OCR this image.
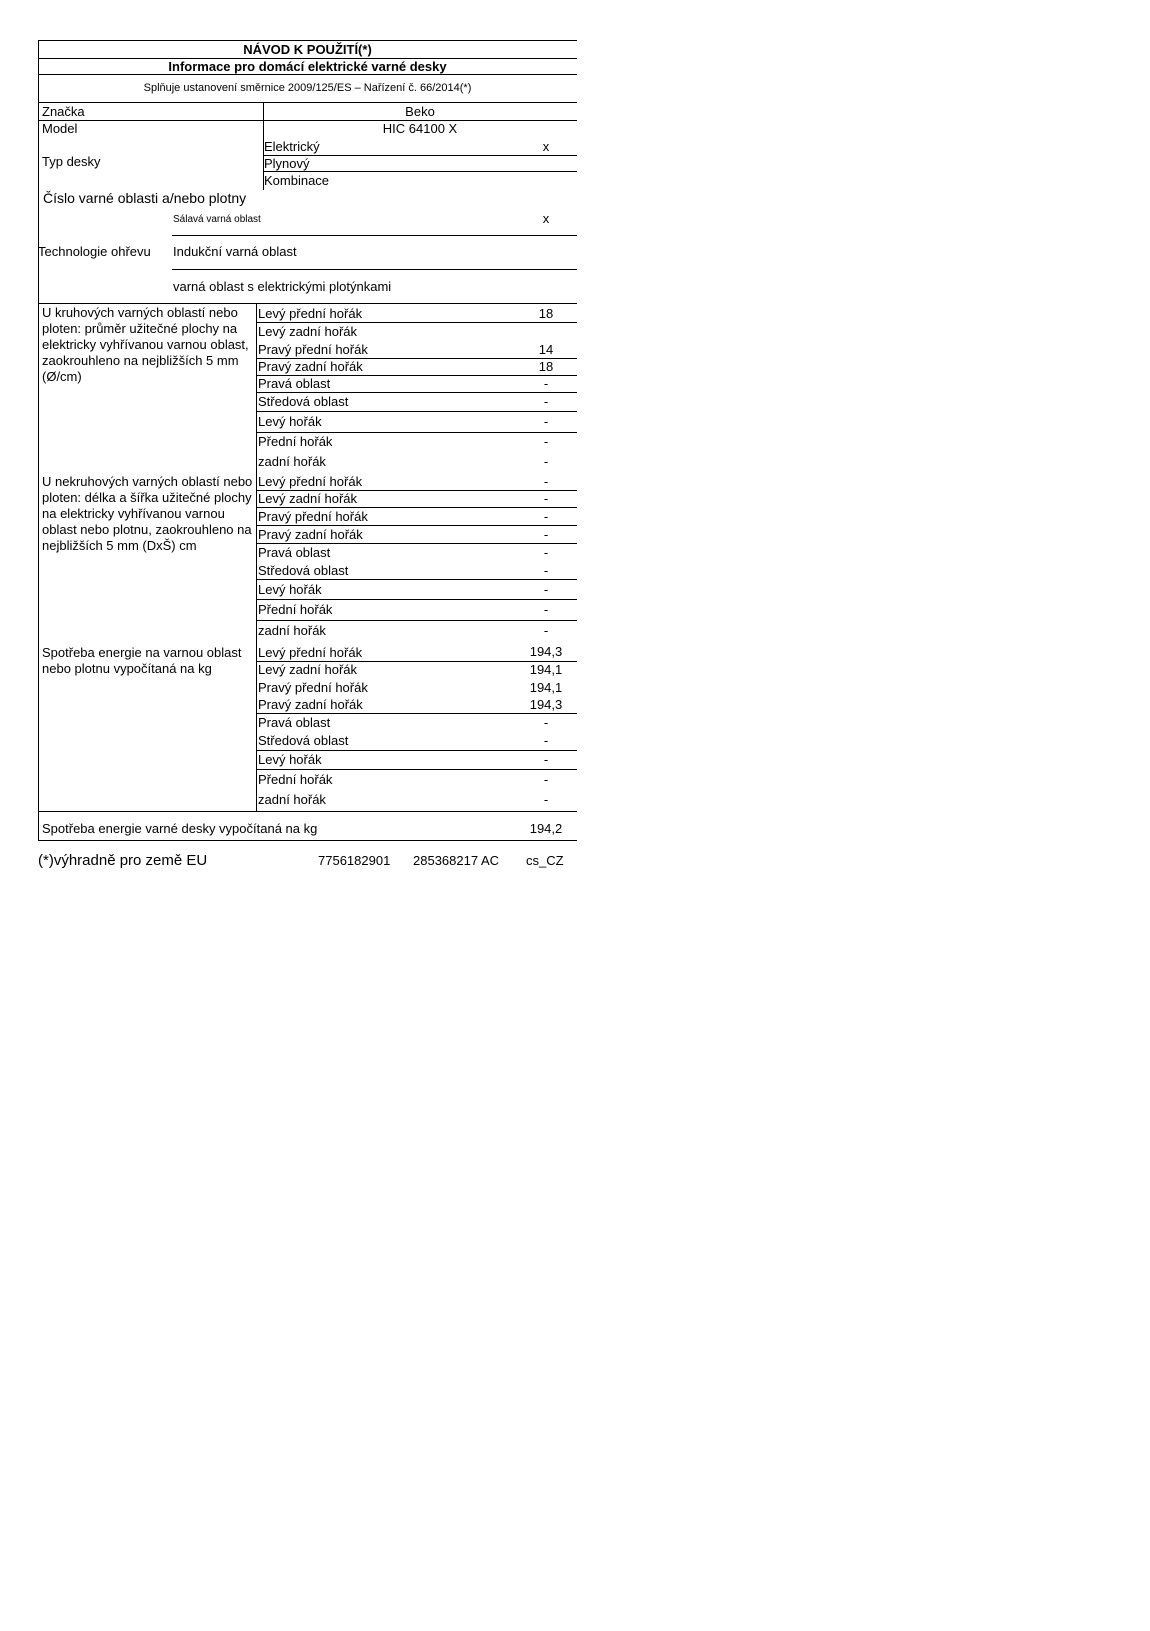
NÁVOD K POUŽITÍ(*)
Informace pro domácí elektrické varné desky
Splňuje ustanovení směrnice 2009/125/ES – Nařízení č. 66/2014(*)
Značka	Beko
Model	HIC 64100 X
Typ desky
Elektrický	x
Plynový
Kombinace
Číslo varné oblasti a/nebo plotny
Sálavá varná oblast	x
Technologie ohřevu Indukční varná oblast
varná oblast s elektrickými plotýnkami
U kruhových varných oblastí nebo ploten: průměr užitečné plochy na elektricky vyhřívanou varnou oblast, zaokrouhleno na nejbližších 5 mm (Ø/cm)
Levý přední hořák	18
Levý zadní hořák
Pravý přední hořák	14
Pravý zadní hořák	18
Pravá oblast	-
Středová oblast	-
Levý hořák	-
Přední hořák	-
zadní hořák	-
U nekruhových varných oblastí nebo ploten: délka a šířka užitečné plochy na elektricky vyhřívanou varnou oblast nebo plotnu, zaokrouhleno na nejbližších 5 mm (DxŠ) cm
Levý přední hořák	-
Levý zadní hořák	-
Pravý přední hořák	-
Pravý zadní hořák	-
Pravá oblast	-
Středová oblast	-
Levý hořák	-
Přední hořák	-
zadní hořák	-
Spotřeba energie na varnou oblast nebo plotnu vypočítaná na kg
Levý přední hořák	194,3
Levý zadní hořák	194,1
Pravý přední hořák	194,1
Pravý zadní hořák	194,3
Pravá oblast	-
Středová oblast	-
Levý hořák	-
Přední hořák	-
zadní hořák	-
Spotřeba energie varné desky vypočítaná na kg	194,2
(*)výhradně pro země EU	7756182901 285368217 AC cs_CZ
